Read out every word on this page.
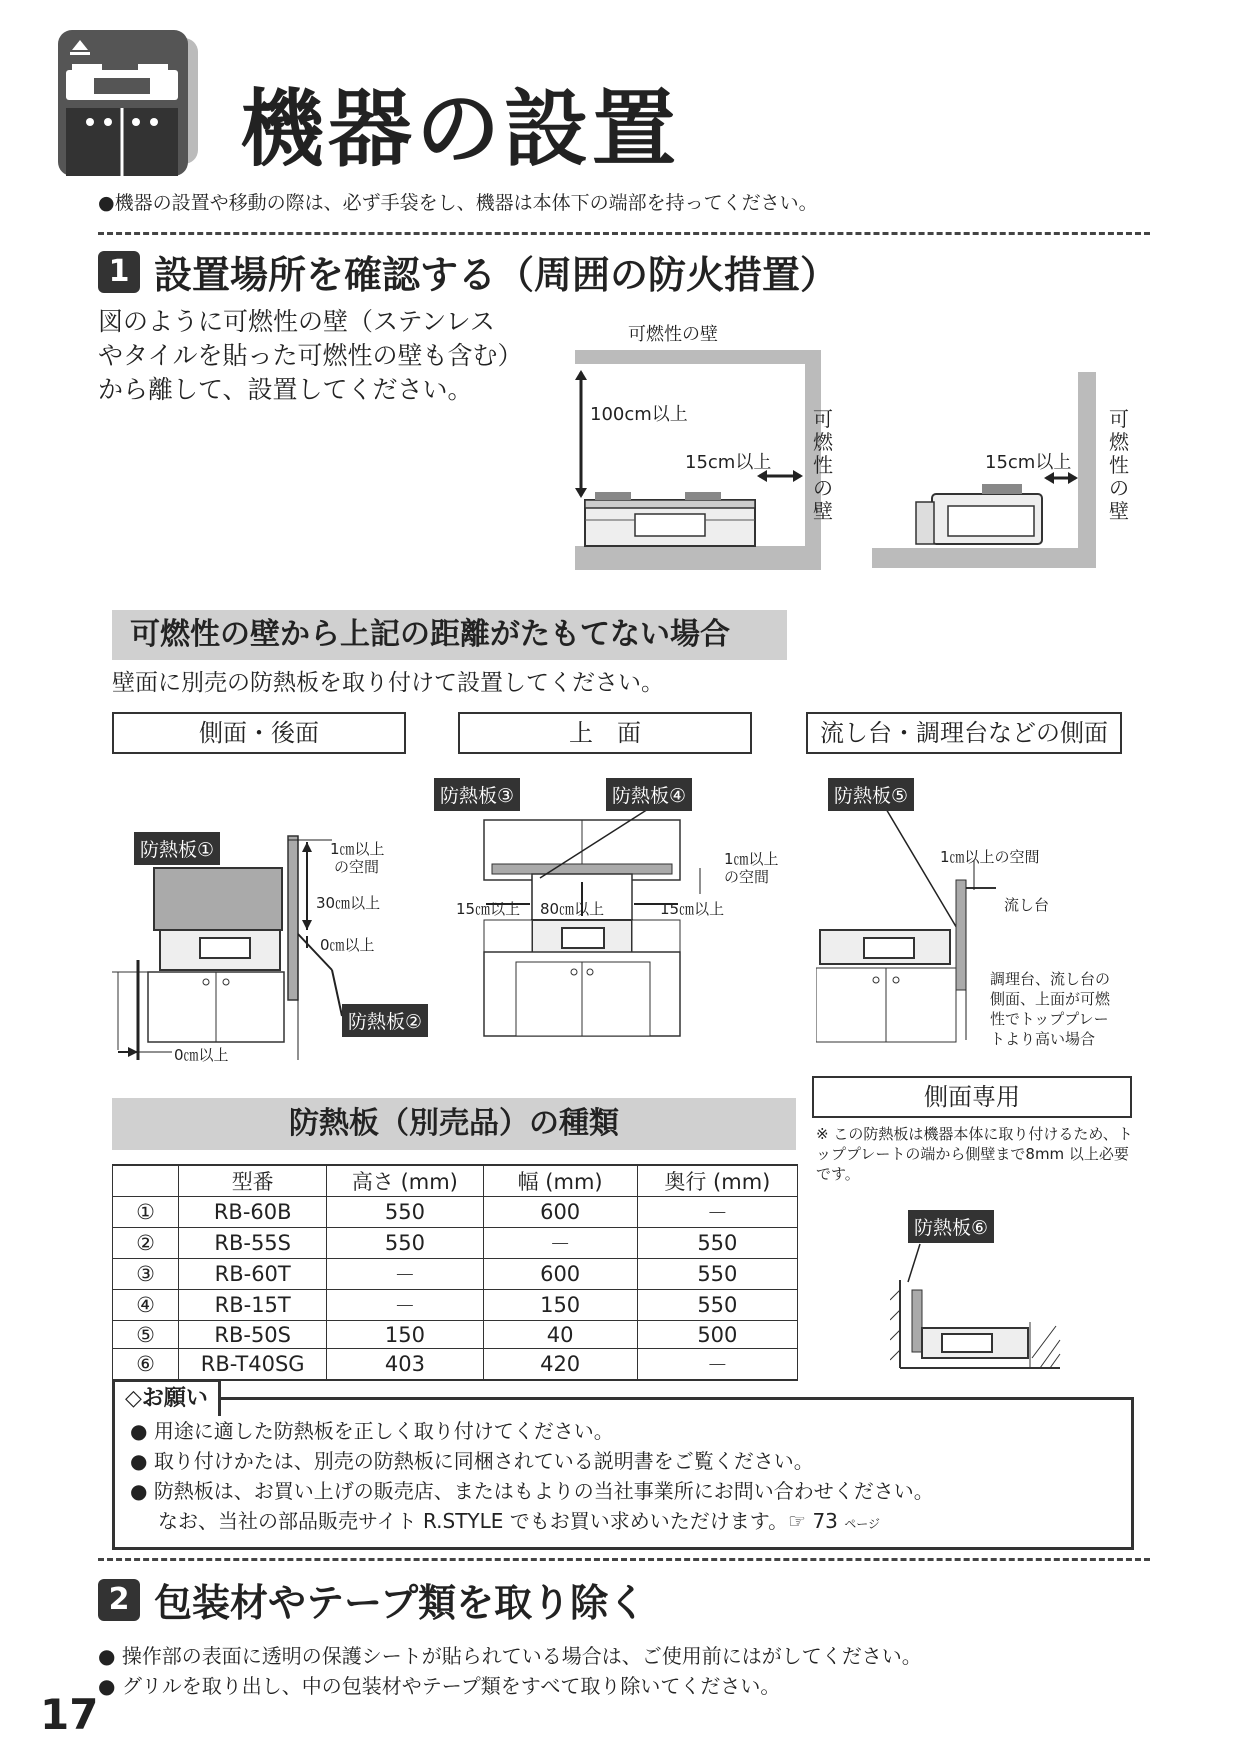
機器の設置
●機器の設置や移動の際は、必ず手袋をし、機器は本体下の端部を持ってください。
1 設置場所を確認する（周囲の防火措置）
図のように可燃性の壁（ステンレスやタイルを貼った可燃性の壁も含む）から離して、設置してください。
可燃性の壁
100cm以上
15cm以上
可燃性の壁
15cm以上
可燃性の壁
可燃性の壁から上記の距離がたもてない場合
壁面に別売の防熱板を取り付けて設置してください。
側面・後面	上　面	流し台・調理台などの側面
防熱板①	1㎝以上
の空間
30㎝以上
0㎝以上
防熱板②
0㎝以上
防熱板③	防熱板④
1㎝以上
の空間
15㎝以上 80㎝以上	15㎝以上
防熱板⑤
1㎝以上の空間
流し台
調理台、流し台の
側面、上面が可燃
性でトッププレー
トより高い場合
側面専用
※ この防熱板は機器本体に取り付けるため、トッププレートの端から側壁まで8mm 以上必要です。
防熱板⑥
防熱板（別売品）の種類
	型番	高さ (mm)	幅 (mm)	奥行 (mm)
①	RB-60B	550	600	－
②	RB-55S	550	－	550
③	RB-60T	－	600	550
④	RB-15T	－	150	550
⑤	RB-50S	150	40	500
⑥	RB-T40SG	403	420	－
◇お願い
● 用途に適した防熱板を正しく取り付けてください。
● 取り付けかたは、別売の防熱板に同梱されている説明書をご覧ください。
● 防熱板は、お買い上げの販売店、またはもよりの当社事業所にお問い合わせください。
なお、当社の部品販売サイト R.STYLE でもお買い求めいただけます。☞ 73 ページ
2 包装材やテープ類を取り除く
● 操作部の表面に透明の保護シートが貼られている場合は、ご使用前にはがしてください。
● グリルを取り出し、中の包装材やテープ類をすべて取り除いてください。
17
